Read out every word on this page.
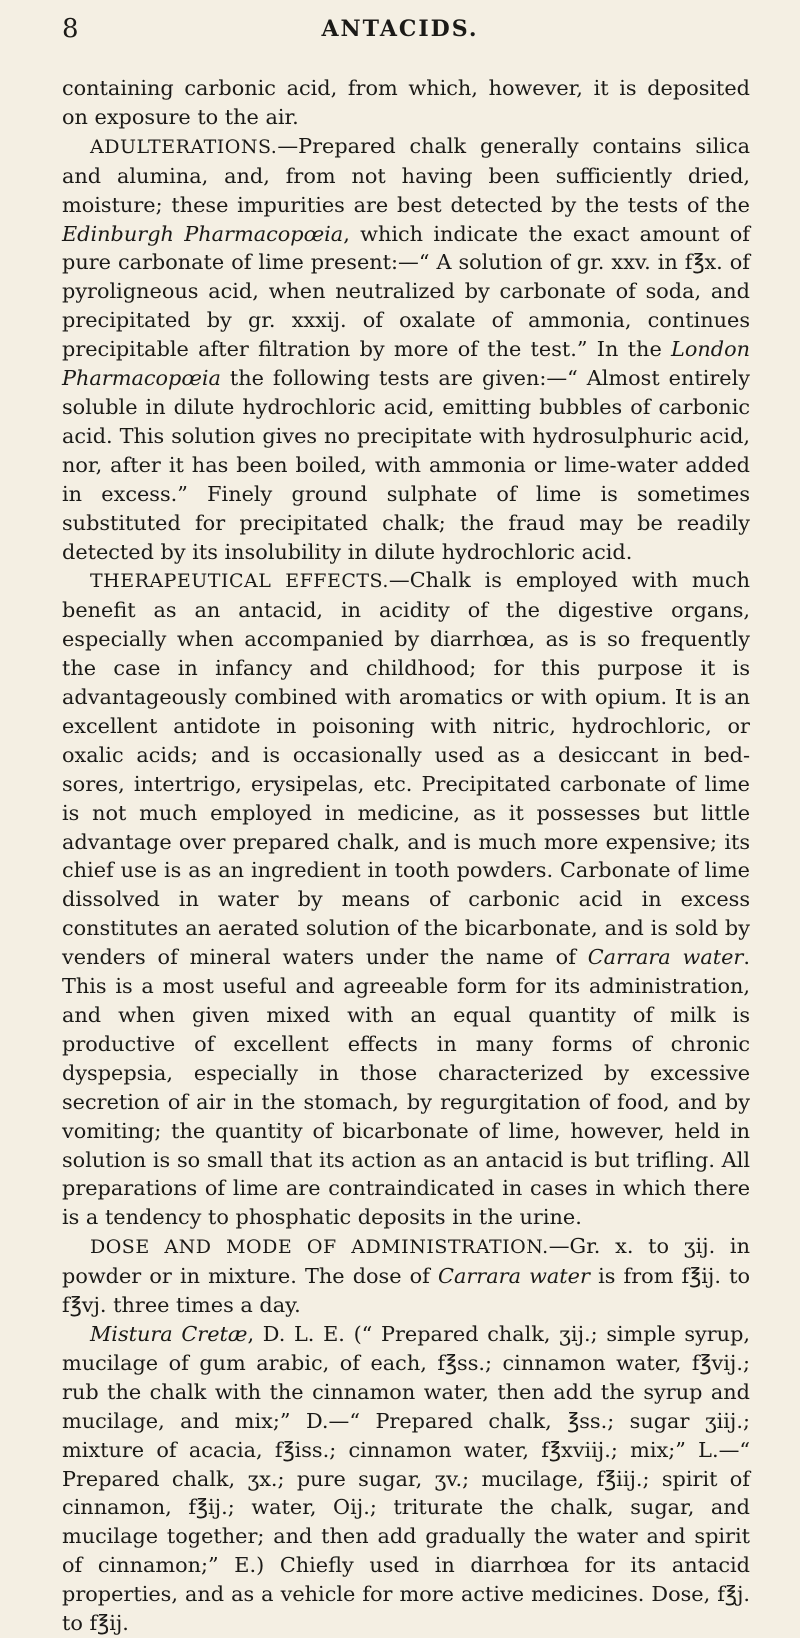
8	ANTACIDS.

containing carbonic acid, from which, however, it is deposited on exposure to the air.

ADULTERATIONS.—Prepared chalk generally contains silica and alumina, and, from not having been sufficiently dried, moisture; these impurities are best detected by the tests of the Edinburgh Pharmacopœia, which indicate the exact amount of pure carbonate of lime present:—“ A solution of gr. xxv. in f℥x. of pyroligneous acid, when neutralized by carbonate of soda, and precipitated by gr. xxxij. of oxalate of ammonia, continues precipitable after filtration by more of the test.” In the London Pharmacopœia the following tests are given:—“ Almost entirely soluble in dilute hydrochloric acid, emitting bubbles of carbonic acid. This solution gives no precipitate with hydrosulphuric acid, nor, after it has been boiled, with ammonia or lime-water added in excess.” Finely ground sulphate of lime is sometimes substituted for precipitated chalk; the fraud may be readily detected by its insolubility in dilute hydrochloric acid.

THERAPEUTICAL EFFECTS.—Chalk is employed with much benefit as an antacid, in acidity of the digestive organs, especially when accompanied by diarrhœa, as is so frequently the case in infancy and childhood; for this purpose it is advantageously combined with aromatics or with opium. It is an excellent antidote in poisoning with nitric, hydrochloric, or oxalic acids; and is occasionally used as a desiccant in bed-sores, intertrigo, erysipelas, etc. Precipitated carbonate of lime is not much employed in medicine, as it possesses but little advantage over prepared chalk, and is much more expensive; its chief use is as an ingredient in tooth powders. Carbonate of lime dissolved in water by means of carbonic acid in excess constitutes an aerated solution of the bicarbonate, and is sold by venders of mineral waters under the name of Carrara water. This is a most useful and agreeable form for its administration, and when given mixed with an equal quantity of milk is productive of excellent effects in many forms of chronic dyspepsia, especially in those characterized by excessive secretion of air in the stomach, by regurgitation of food, and by vomiting; the quantity of bicarbonate of lime, however, held in solution is so small that its action as an antacid is but trifling. All preparations of lime are contraindicated in cases in which there is a tendency to phosphatic deposits in the urine.

DOSE AND MODE OF ADMINISTRATION.—Gr. x. to ʒij. in powder or in mixture. The dose of Carrara water is from f℥ij. to f℥vj. three times a day.

Mistura Cretæ, D. L. E. (“ Prepared chalk, ʒij.; simple syrup, mucilage of gum arabic, of each, f℥ss.; cinnamon water, f℥vij.; rub the chalk with the cinnamon water, then add the syrup and mucilage, and mix;” D.—“ Prepared chalk, ℥ss.; sugar ʒiij.; mixture of acacia, f℥iss.; cinnamon water, f℥xviij.; mix;” L.—“ Prepared chalk, ʒx.; pure sugar, ʒv.; mucilage, f℥iij.; spirit of cinnamon, f℥ij.; water, Oij.; triturate the chalk, sugar, and mucilage together; and then add gradually the water and spirit of cinnamon;” E.) Chiefly used in diarrhœa for its antacid properties, and as a vehicle for more active medicines. Dose, f℥j. to f℥ij.
